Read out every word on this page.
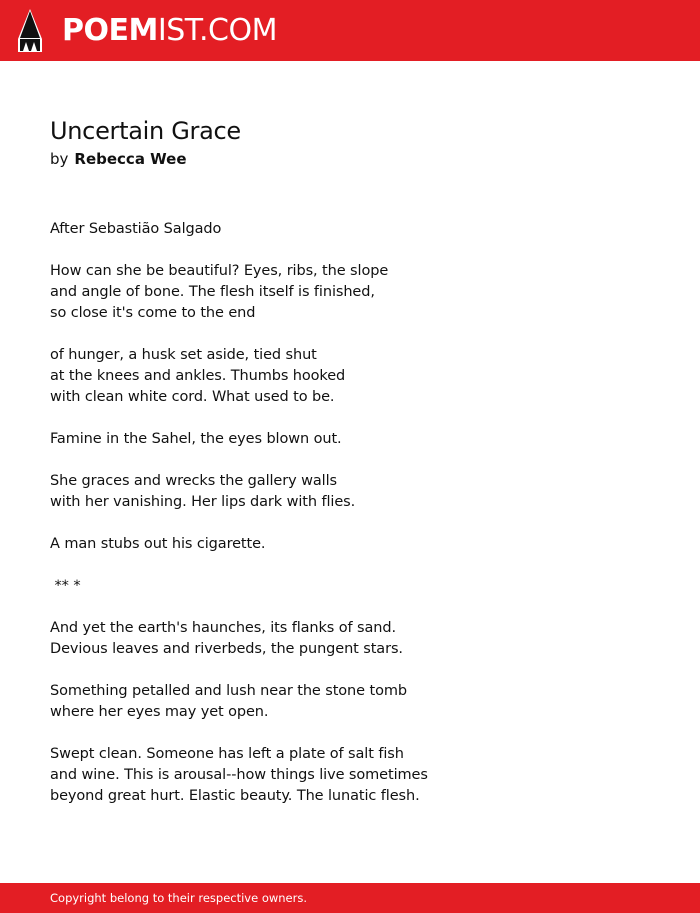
POEMIST.COM
Uncertain Grace
by Rebecca Wee
After Sebastião Salgado
How can she be beautiful? Eyes, ribs, the slope
and angle of bone. The flesh itself is finished,
so close it's come to the end
of hunger, a husk set aside, tied shut
at the knees and ankles. Thumbs hooked
with clean white cord. What used to be.
Famine in the Sahel, the eyes blown out.
She graces and wrecks the gallery walls
with her vanishing. Her lips dark with flies.
A man stubs out his cigarette.
** *
And yet the earth's haunches, its flanks of sand.
Devious leaves and riverbeds, the pungent stars.
Something petalled and lush near the stone tomb
where her eyes may yet open.
Swept clean. Someone has left a plate of salt fish
and wine. This is arousal--how things live sometimes
beyond great hurt. Elastic beauty. The lunatic flesh.
Copyright belong to their respective owners.
